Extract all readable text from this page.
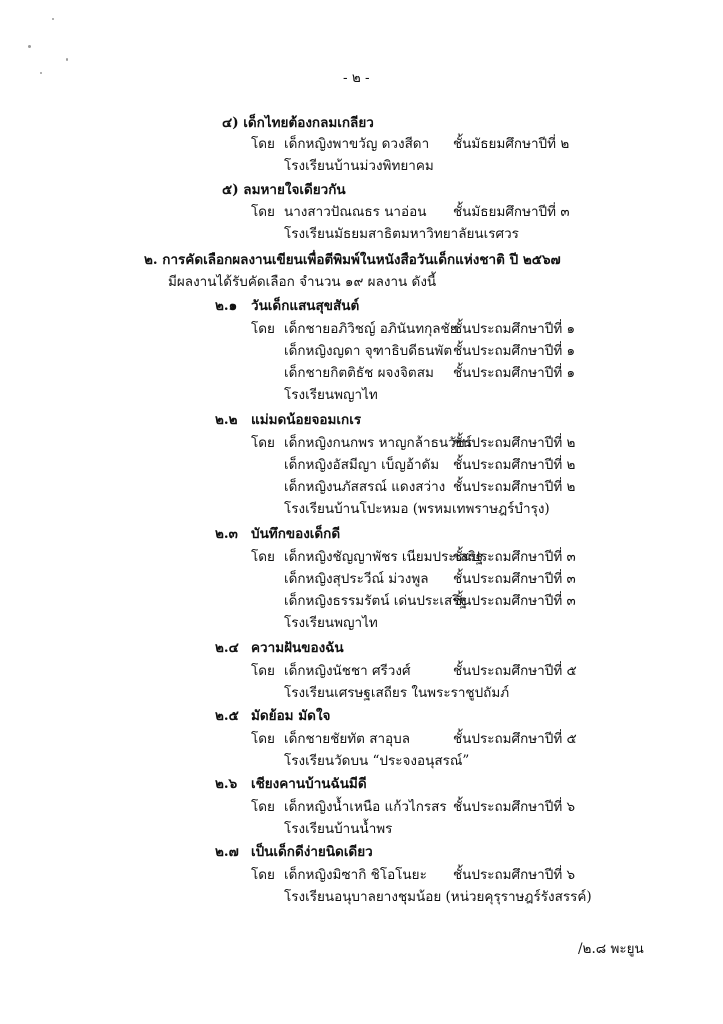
- ๒ -
๔) เด็กไทยต้องกลมเกลียว
โดย เด็กหญิงพาขวัญ ดวงสีดา ชั้นมัธยมศึกษาปีที่ ๒
โรงเรียนบ้านม่วงพิทยาคม
๕) ลมหายใจเดียวกัน
โดย นางสาวปัณณธร นาอ่อน ชั้นมัธยมศึกษาปีที่ ๓
โรงเรียนมัธยมสาธิตมหาวิทยาลัยนเรศวร
๒. การคัดเลือกผลงานเขียนเพื่อตีพิมพ์ในหนังสือวันเด็กแห่งชาติ ปี ๒๕๖๗
มีผลงานได้รับคัดเลือก จำนวน ๑๙ ผลงาน ดังนี้
๒.๑ วันเด็กแสนสุขสันต์
โดย เด็กชายอภิวิชญ์ อภินันทกุลชัย
ชั้นประถมศึกษาปีที่ ๑
เด็กหญิงญดา จุฑาธิบดีธนพัต ชั้นประถมศึกษาปีที่ ๑
เด็กชายกิตติธัช ผจงจิตสม ชั้นประถมศึกษาปีที่ ๑
โรงเรียนพญาไท
๒.๒ แม่มดน้อยจอมเกเร
โดย เด็กหญิงกนกพร หาญกล้าธนวัชร์
ชั้นประถมศึกษาปีที่ ๒
เด็กหญิงอัสมีญา เบ็ญอ้าดัม ชั้นประถมศึกษาปีที่ ๒
เด็กหญิงนภัสสรณ์ แดงสว่าง ชั้นประถมศึกษาปีที่ ๒
โรงเรียนบ้านโปะหมอ (พรหมเทพราษฎร์บำรุง)
๒.๓ บันทึกของเด็กดี
โดย เด็กหญิงชัญญาพัชร เนียมประเสริฐ
ชั้นประถมศึกษาปีที่ ๓
เด็กหญิงสุประวีณ์ ม่วงพูล ชั้นประถมศึกษาปีที่ ๓
เด็กหญิงธรรมรัตน์ เด่นประเสริฐ
ชั้นประถมศึกษาปีที่ ๓
โรงเรียนพญาไท
๒.๔ ความฝันของฉัน
โดย เด็กหญิงนัชชา ศรีวงศ์	ชั้นประถมศึกษาปีที่ ๕
โรงเรียนเศรษฐเสถียร ในพระราชูปถัมภ์
๒.๕ มัดย้อม มัดใจ
โดย เด็กชายชัยทัต สาอุบล	ชั้นประถมศึกษาปีที่ ๕
โรงเรียนวัดบน “ประจงอนุสรณ์”
๒.๖ เชียงคานบ้านฉันมีดี
โดย เด็กหญิงน้ำเหนือ แก้วไกรสร ชั้นประถมศึกษาปีที่ ๖
โรงเรียนบ้านน้ำพร
๒.๗ เป็นเด็กดีง่ายนิดเดียว
โดย เด็กหญิงมิซากิ ชิโอโนยะ ชั้นประถมศึกษาปีที่ ๖
โรงเรียนอนุบาลยางชุมน้อย (หน่วยคุรุราษฎร์รังสรรค์)
/๒.๘ พะยูน
